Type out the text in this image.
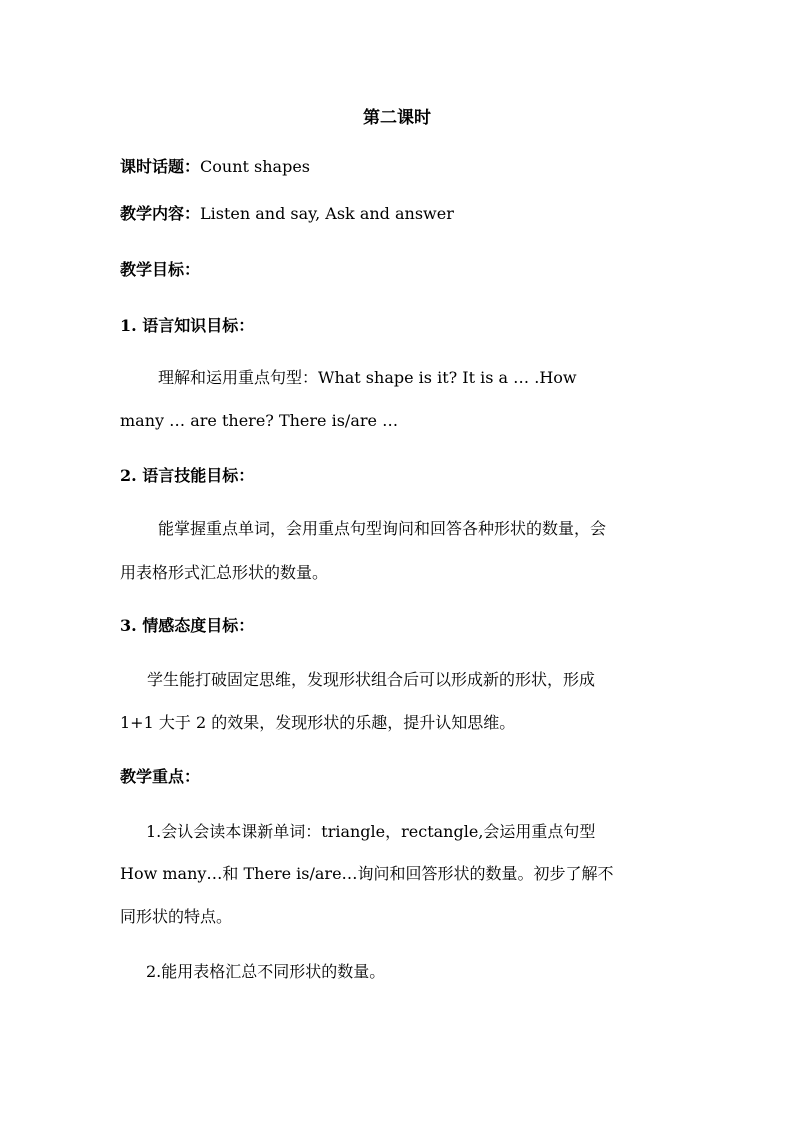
第二课时
课时话题：Count shapes
教学内容：Listen and say, Ask and answer
教学目标：
1. 语言知识目标：
理解和运用重点句型：What shape is it? It is a … .How
many … are there? There is/are …
2. 语言技能目标：
能掌握重点单词，会用重点句型询问和回答各种形状的数量，会
用表格形式汇总形状的数量。
3. 情感态度目标：
学生能打破固定思维，发现形状组合后可以形成新的形状，形成
1+1 大于 2 的效果，发现形状的乐趣，提升认知思维。
教学重点：
1.会认会读本课新单词：triangle，rectangle,会运用重点句型
How many…和 There is/are…询问和回答形状的数量。初步了解不
同形状的特点。
2.能用表格汇总不同形状的数量。
